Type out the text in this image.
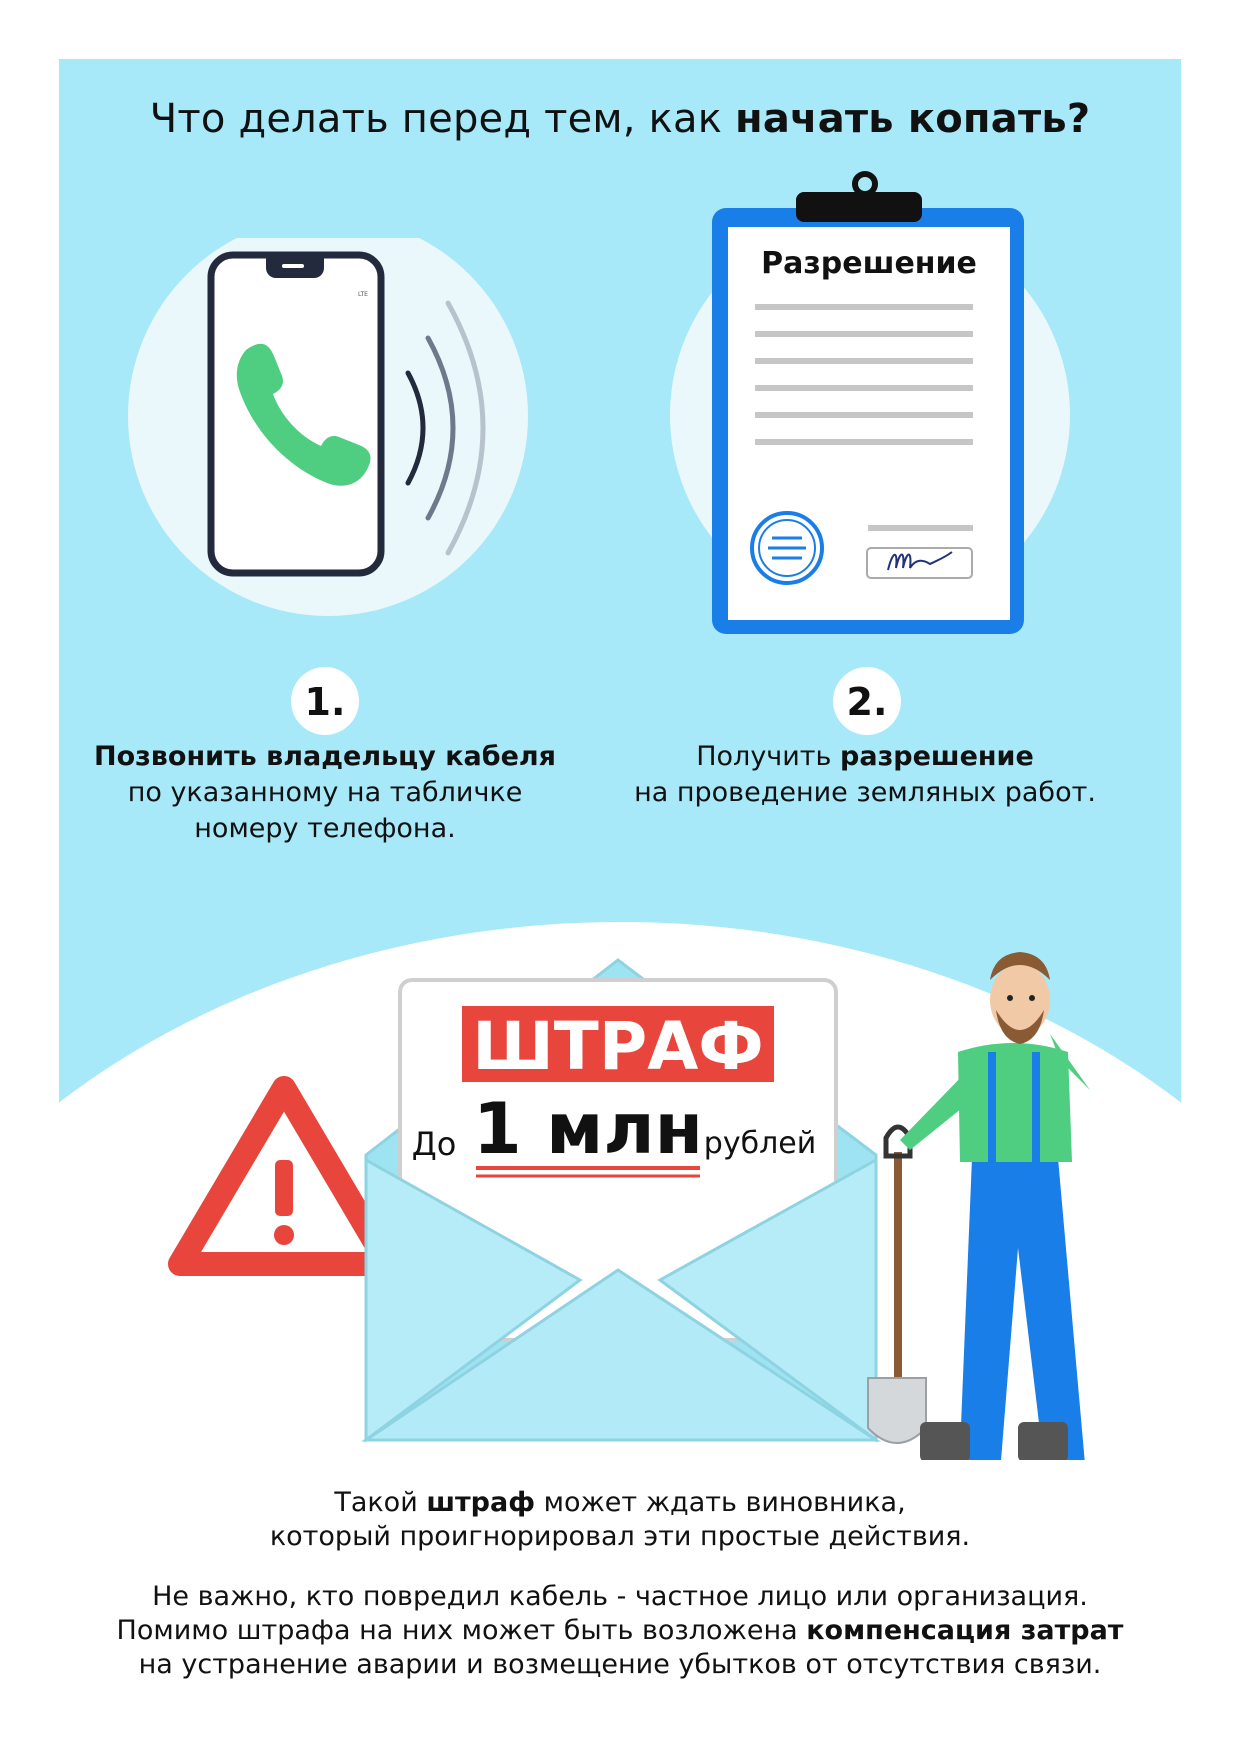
Что делать перед тем, как начать копать?
LTE
Разрешение
1.	2.
Позвонить владельцу кабеля
по указанному на табличке
номеру телефона.
Получить разрешение
на проведение земляных работ.
ШТРАФ
До 1 млн рублей
Такой штраф может ждать виновника,
который проигнорировал эти простые действия.
Не важно, кто повредил кабель - частное лицо или организация.
Помимо штрафа на них может быть возложена компенсация затрат
на устранение аварии и возмещение убытков от отсутствия связи.
